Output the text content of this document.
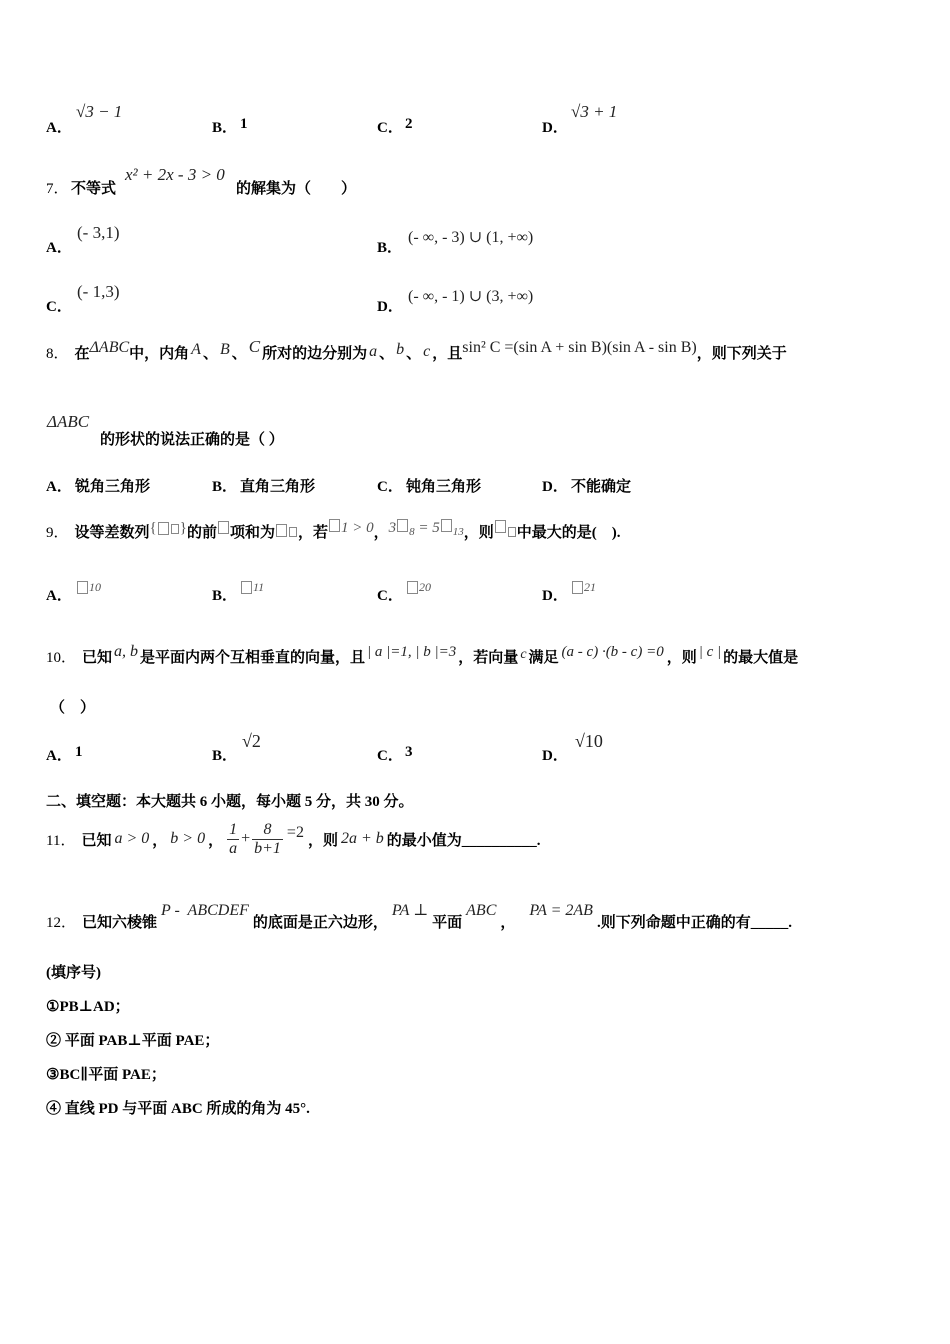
A．
√3 − 1
B． 1	C． 2	D．
√3 + 1
7． 不等式
x² + 2x - 3 > 0
的解集为（　　）
A．
(- 3,1)
B．
(- ∞, - 3) ∪ (1, +∞)
C．
(- 1,3)
D．
(- ∞, - 1) ∪ (3, +∞)
8． 在 ΔABC 中，内角 A 、 B 、 C 所对的边分别为 a 、 b 、 c ，且 sin² C =(sin A + sin B)(sin A - sin B) ，则下列关于
ΔABC
的形状的说法正确的是（ ）
A． 锐角三角形	B． 直角三角形	C． 钝角三角形	D． 不能确定
9． 设等差数列 { } 的前 项和为 ，若 1 > 0 ， 3 8 = 5 13 ，则 中最大的是(　).
A．
10
B．
11
C．
20
D．
21
10． 已知 a, b 是平面内两个互相垂直的向量，且 | a |=1, | b |=3 ，若向量 c 满足 (a - c) ·(b - c) =0 ，则 | c | 的最大值是
（　）
A． 1	B．
√2
C． 3	D．
√10
二、填空题：本大题共 6 小题，每小题 5 分，共 30 分。
11． 已知 a > 0 ， b > 0 ， $\frac{1}{a} + \frac{8}{b+1} =2$ ，则 2a + b 的最小值为__________.
12． 已知六棱锥
P -  ABCDEF
的底面是正六边形，
PA ⊥
平面
ABC
，
PA = 2AB
.则下列命题中正确的有_____.
(填序号)
①PB⊥AD；
② 平面 PAB⊥平面 PAE；
③BC∥平面 PAE；
④ 直线 PD 与平面 ABC 所成的角为 45°.
